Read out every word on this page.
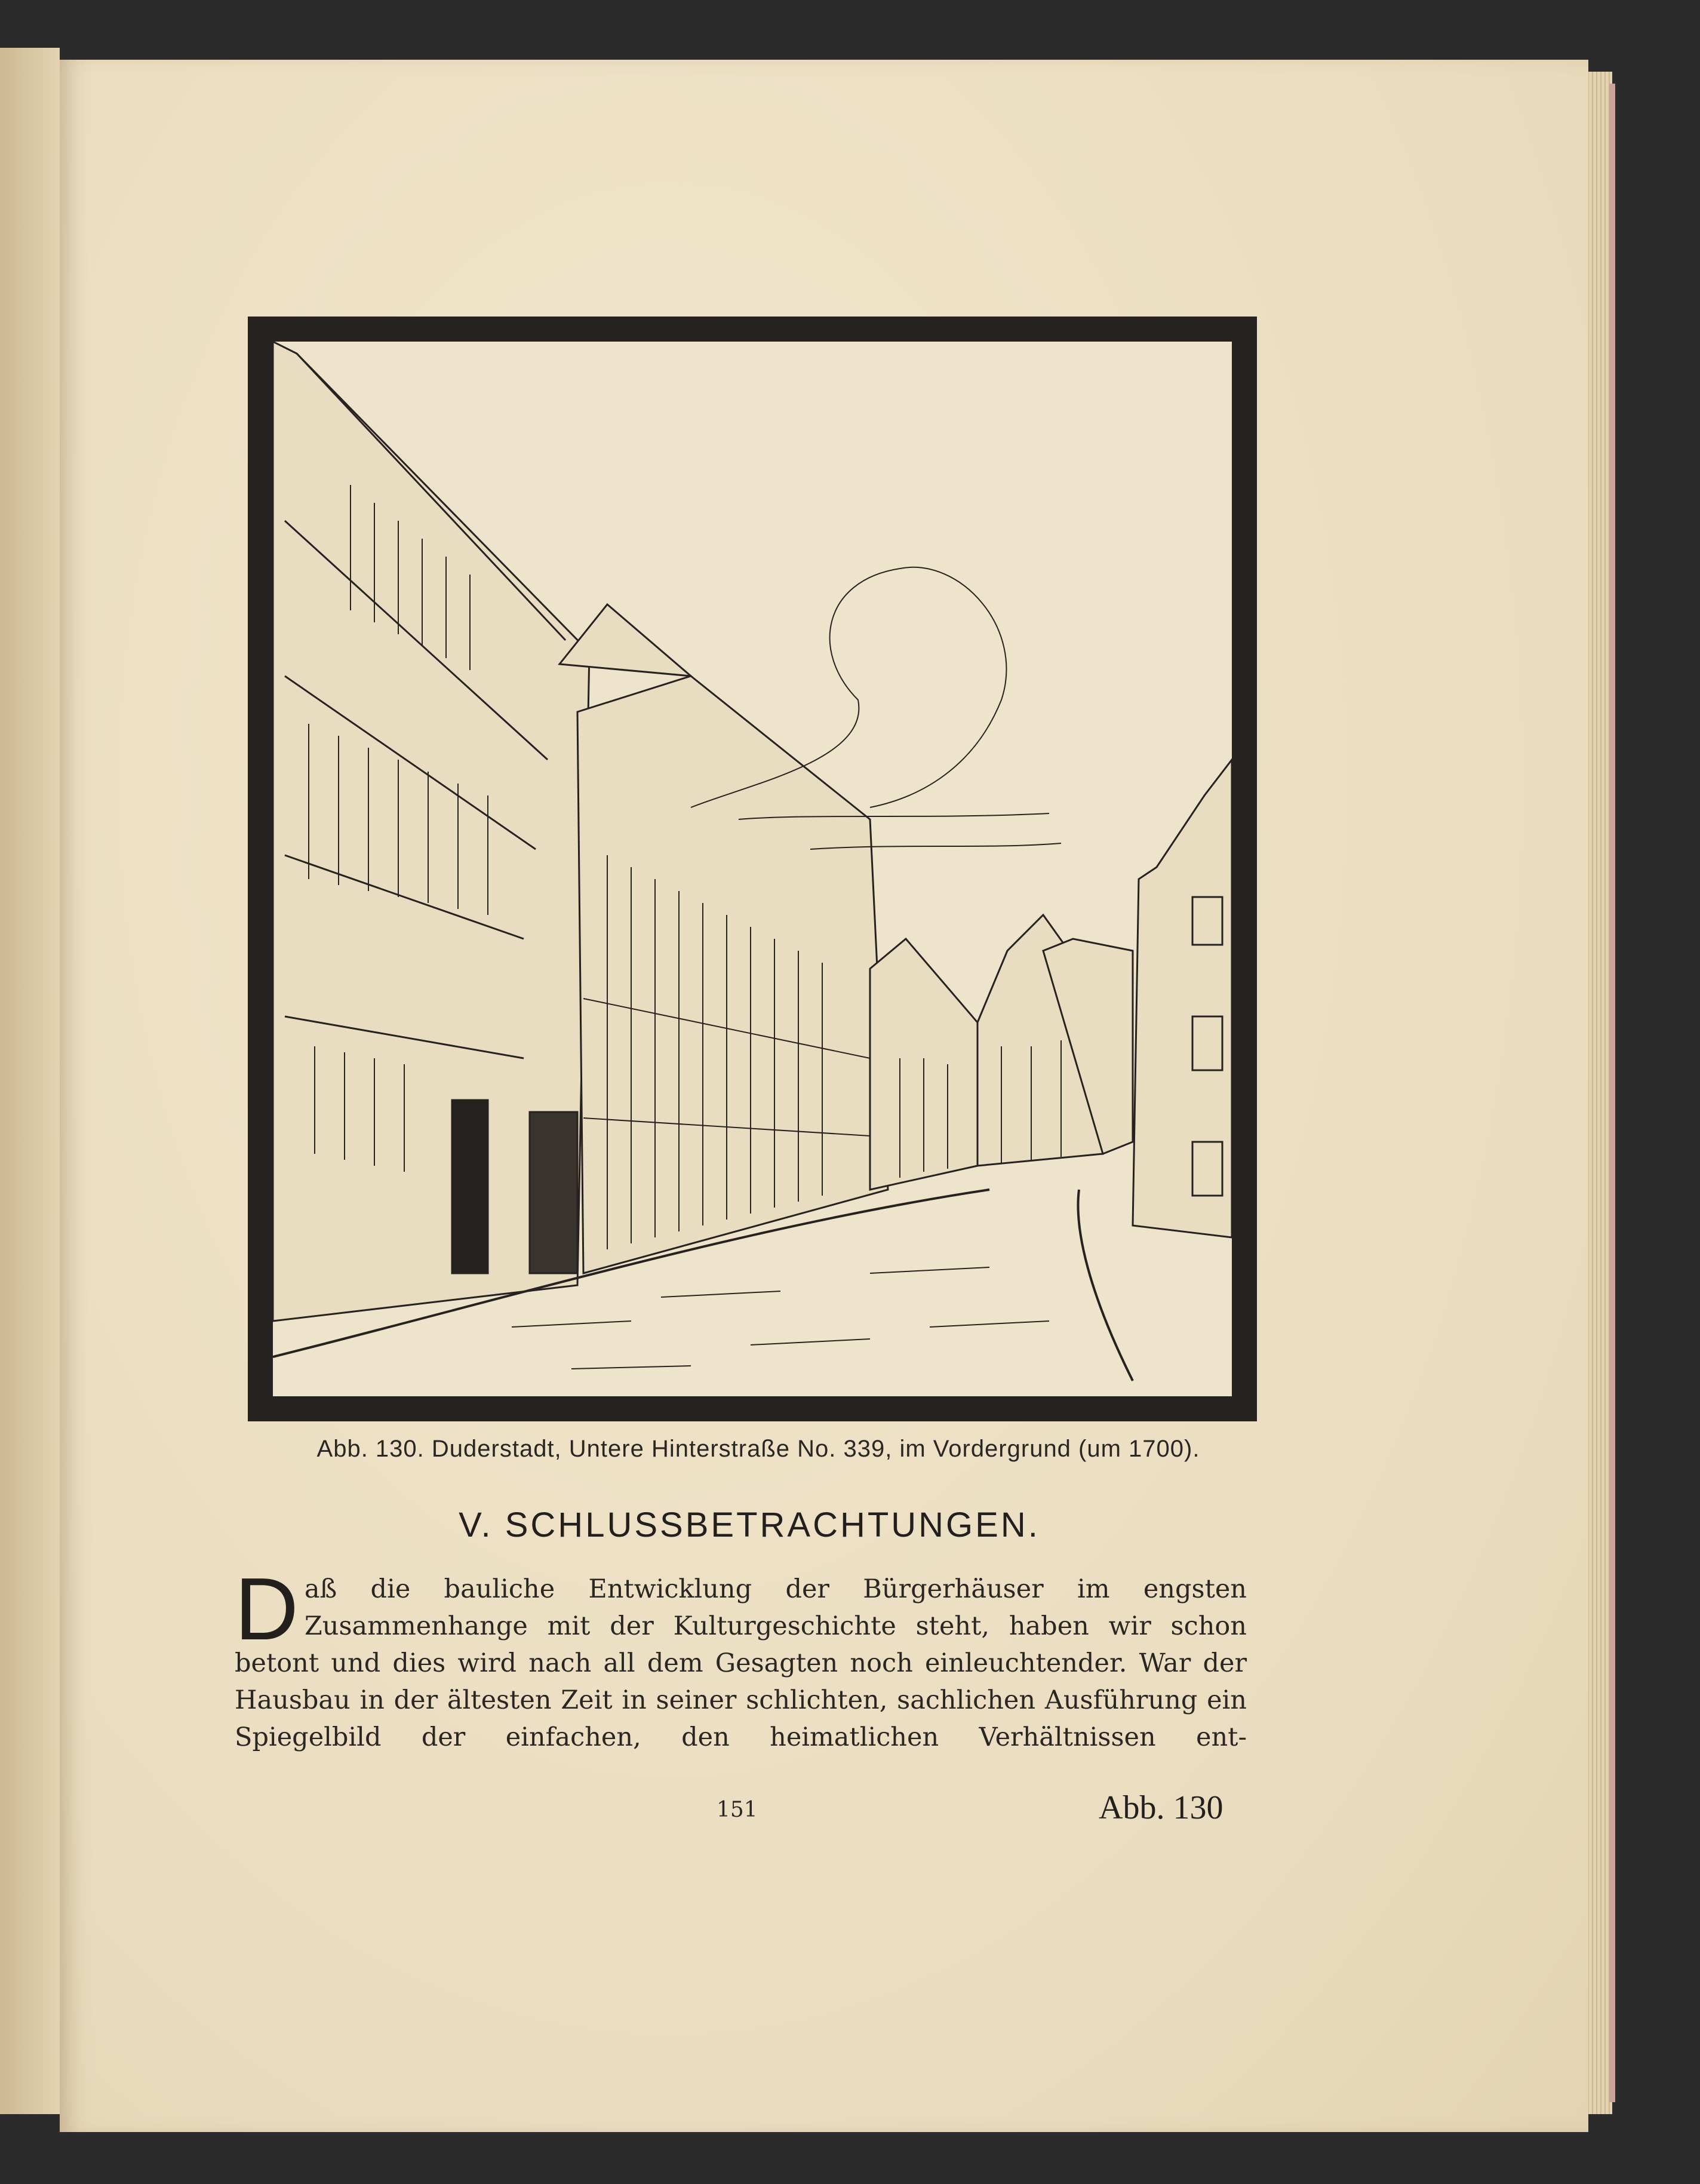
Abb. 130. Duderstadt, Untere Hinterstraße No. 339, im Vordergrund (um 1700).
V. SCHLUSSBETRACHTUNGEN.
Daß die bauliche Entwicklung der Bürgerhäuser im engsten Zusammenhange mit der Kulturgeschichte steht, haben wir schon betont und dies wird nach all dem Gesagten noch einleuchtender. War der Hausbau in der ältesten Zeit in seiner schlichten, sachlichen Ausführung ein Spiegelbild der einfachen, den heimatlichen Verhältnissen ent-
151	Abb. 130
